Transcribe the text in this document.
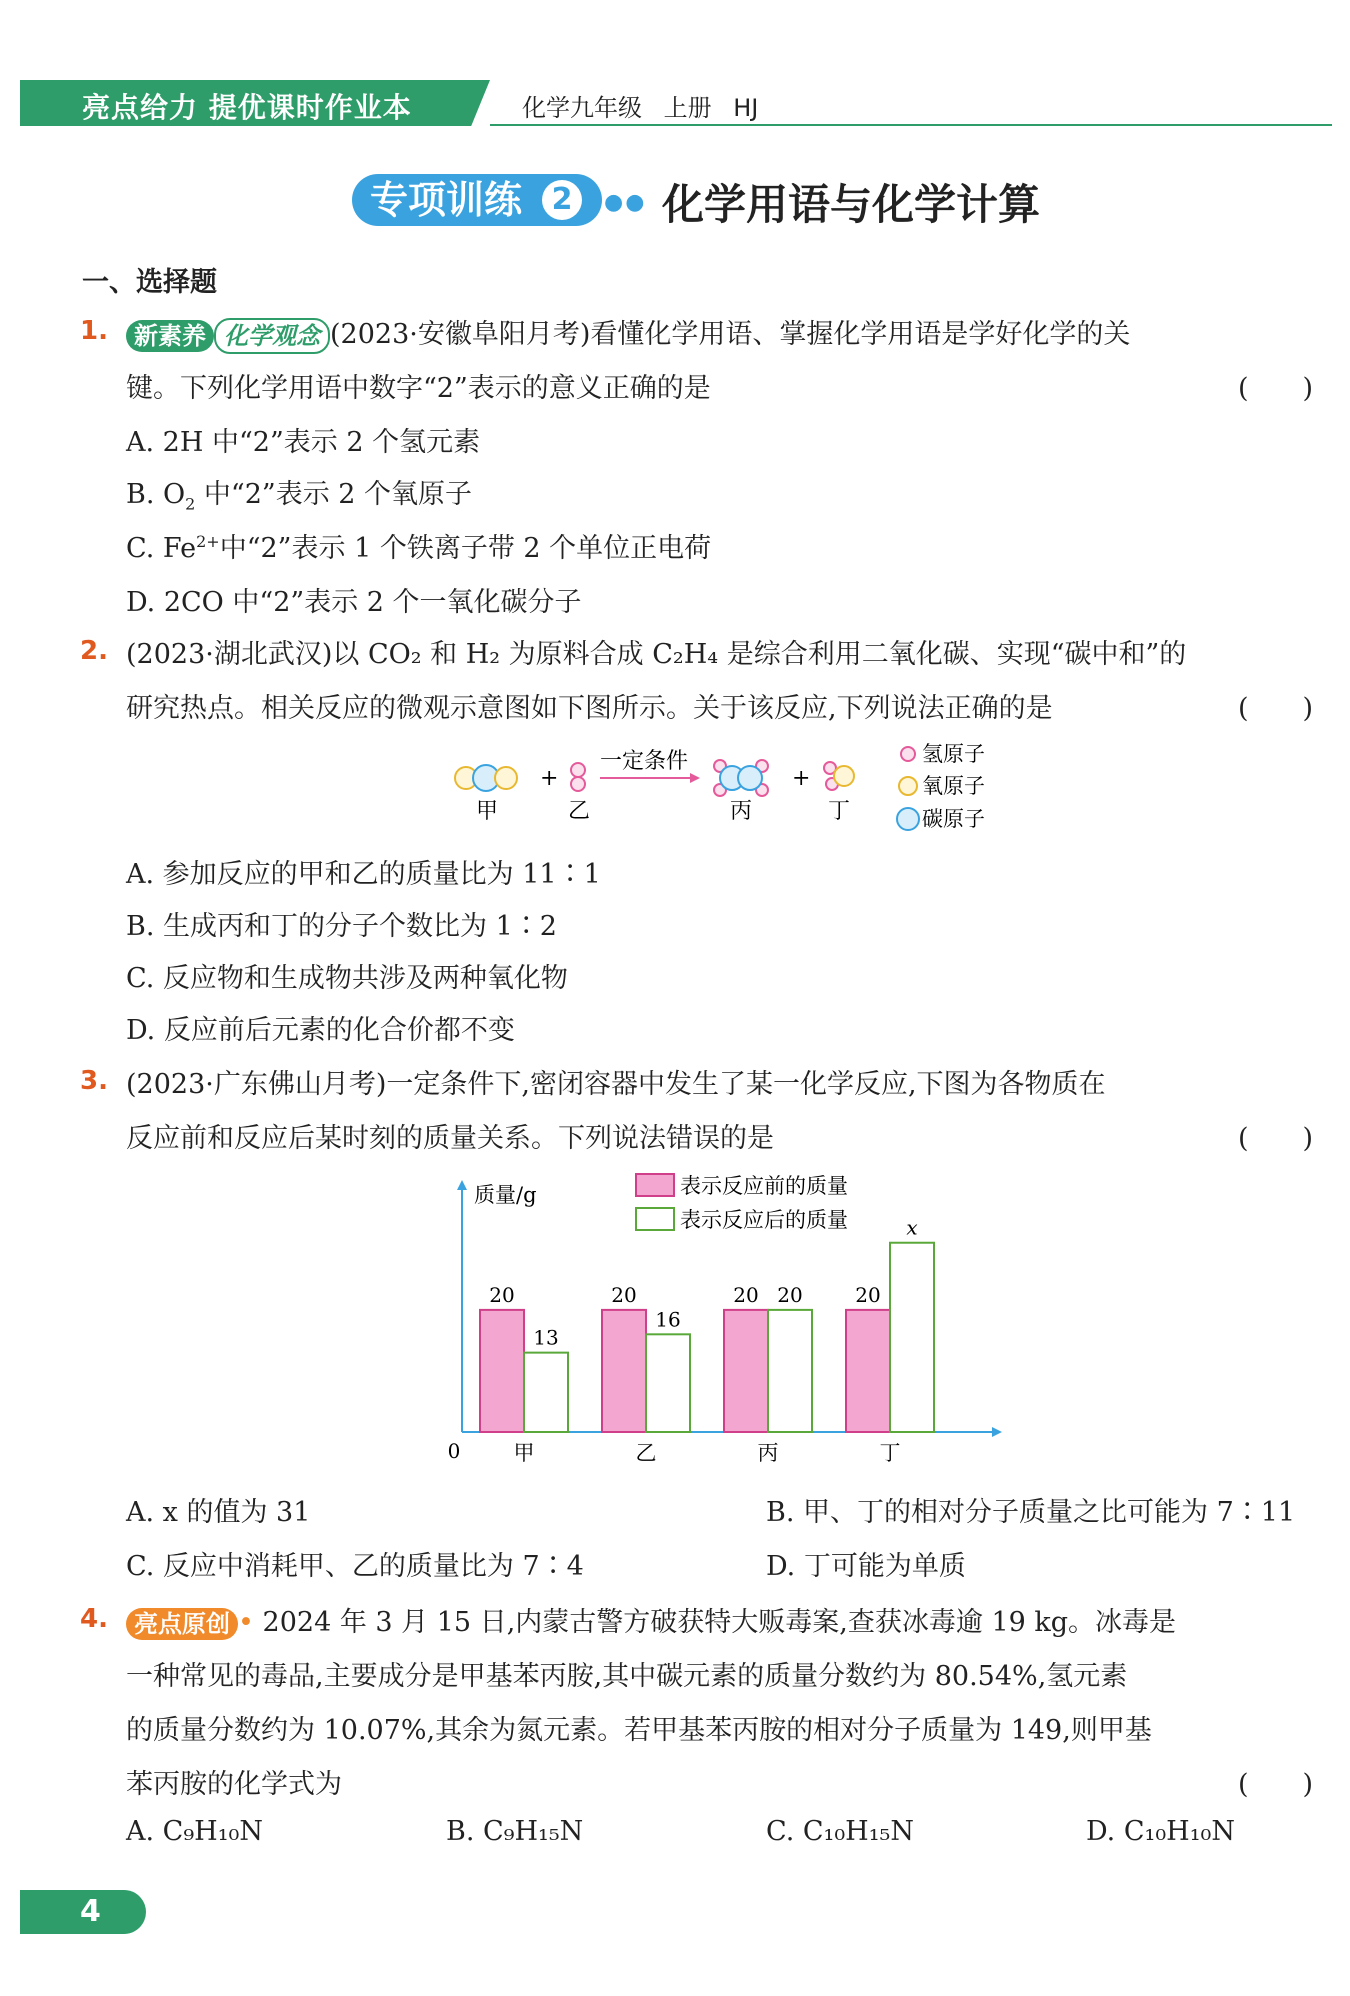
亮点给力 提优课时作业本	化学九年级 上册 HJ
专项训练 2	●● 化学用语与化学计算
一、选择题
1.	新素养 化学观念 (2023·安徽阜阳月考)看懂化学用语、掌握化学用语是学好化学的关
键。下列化学用语中数字“2”表示的意义正确的是	(　　)
A. 2H 中“2”表示 2 个氢元素
B. $O_2$ 中“2”表示 2 个氧原子
C. $Fe^{2+}$中“2”表示 1 个铁离子带 2 个单位正电荷
D. 2CO 中“2”表示 2 个一氧化碳分子
2. (2023·湖北武汉)以 CO₂ 和 H₂ 为原料合成 C₂H₄ 是综合利用二氧化碳、实现“碳中和”的
研究热点。相关反应的微观示意图如下图所示。关于该反应,下列说法正确的是	(　　)
+
一定条件
+
甲	乙	丙	丁
氢原子
氧原子
碳原子
A. 参加反应的甲和乙的质量比为 11∶1
B. 生成丙和丁的分子个数比为 1∶2
C. 反应物和生成物共涉及两种氧化物
D. 反应前后元素的化合价都不变
3. (2023·广东佛山月考)一定条件下,密闭容器中发生了某一化学反应,下图为各物质在
反应前和反应后某时刻的质量关系。下列说法错误的是	(　　)
质量/g
0
表示反应前的质量
表示反应后的质量
20
13
甲
20
16
乙
20 20
丙
20
x
丁
A. x 的值为 31	B. 甲、丁的相对分子质量之比可能为 7∶11
C. 反应中消耗甲、乙的质量比为 7∶4	D. 丁可能为单质
4.	亮点原创 • 2024 年 3 月 15 日,内蒙古警方破获特大贩毒案,查获冰毒逾 19 kg。冰毒是
一种常见的毒品,主要成分是甲基苯丙胺,其中碳元素的质量分数约为 80.54%,氢元素
的质量分数约为 10.07%,其余为氮元素。若甲基苯丙胺的相对分子质量为 149,则甲基
苯丙胺的化学式为	(　　)
A. C₉H₁₀N	B. C₉H₁₅N	C. C₁₀H₁₅N	D. C₁₀H₁₀N
4
